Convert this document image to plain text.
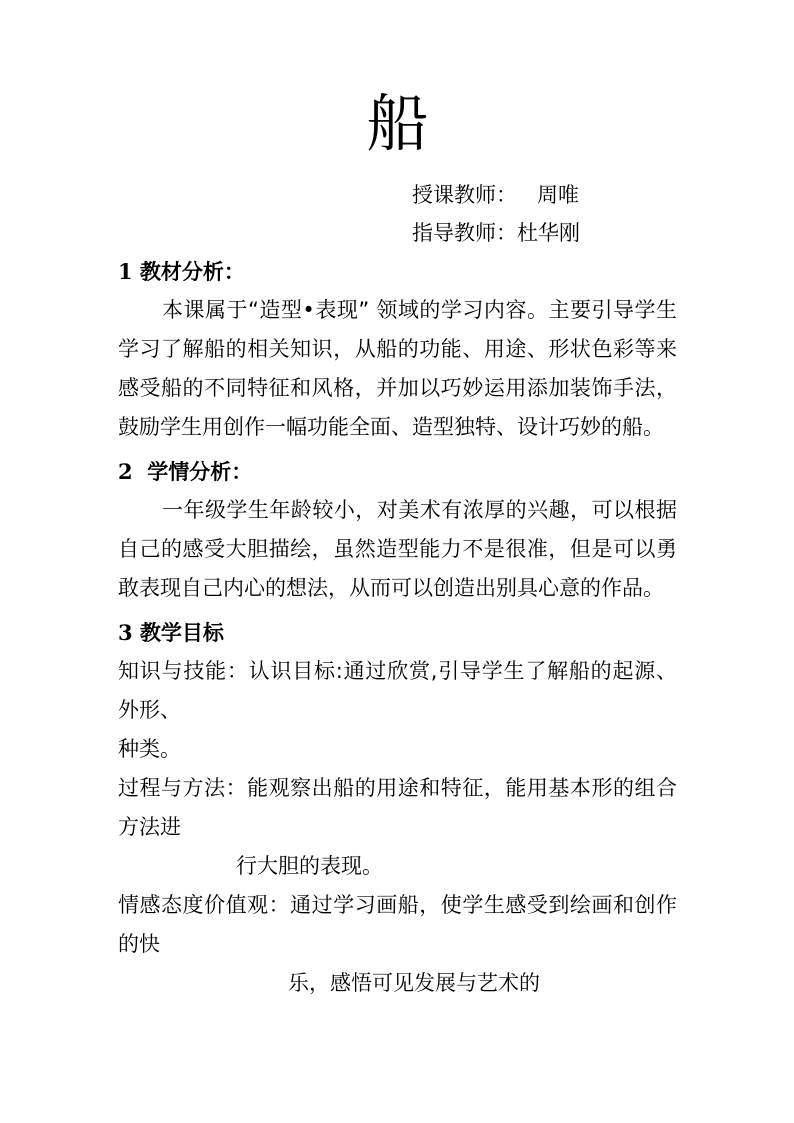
船
授课教师：   周唯
指导教师：杜华刚
1 教材分析：

本课属于“造型•表现” 领域的学习内容。主要引导学生学习了解船的相关知识，从船的功能、用途、形状色彩等来感受船的不同特征和风格，并加以巧妙运用添加装饰手法，鼓励学生用创作一幅功能全面、造型独特、设计巧妙的船。

2  学情分析：

一年级学生年龄较小，对美术有浓厚的兴趣，可以根据自己的感受大胆描绘，虽然造型能力不是很准，但是可以勇敢表现自己内心的想法，从而可以创造出别具心意的作品。

3 教学目标
知识与技能：认识目标:通过欣赏,引导学生了解船的起源、外形、
种类。
过程与方法：能观察出船的用途和特征，能用基本形的组合方法进
行大胆的表现。
情感态度价值观：通过学习画船，使学生感受到绘画和创作的快
乐，感悟可见发展与艺术的
